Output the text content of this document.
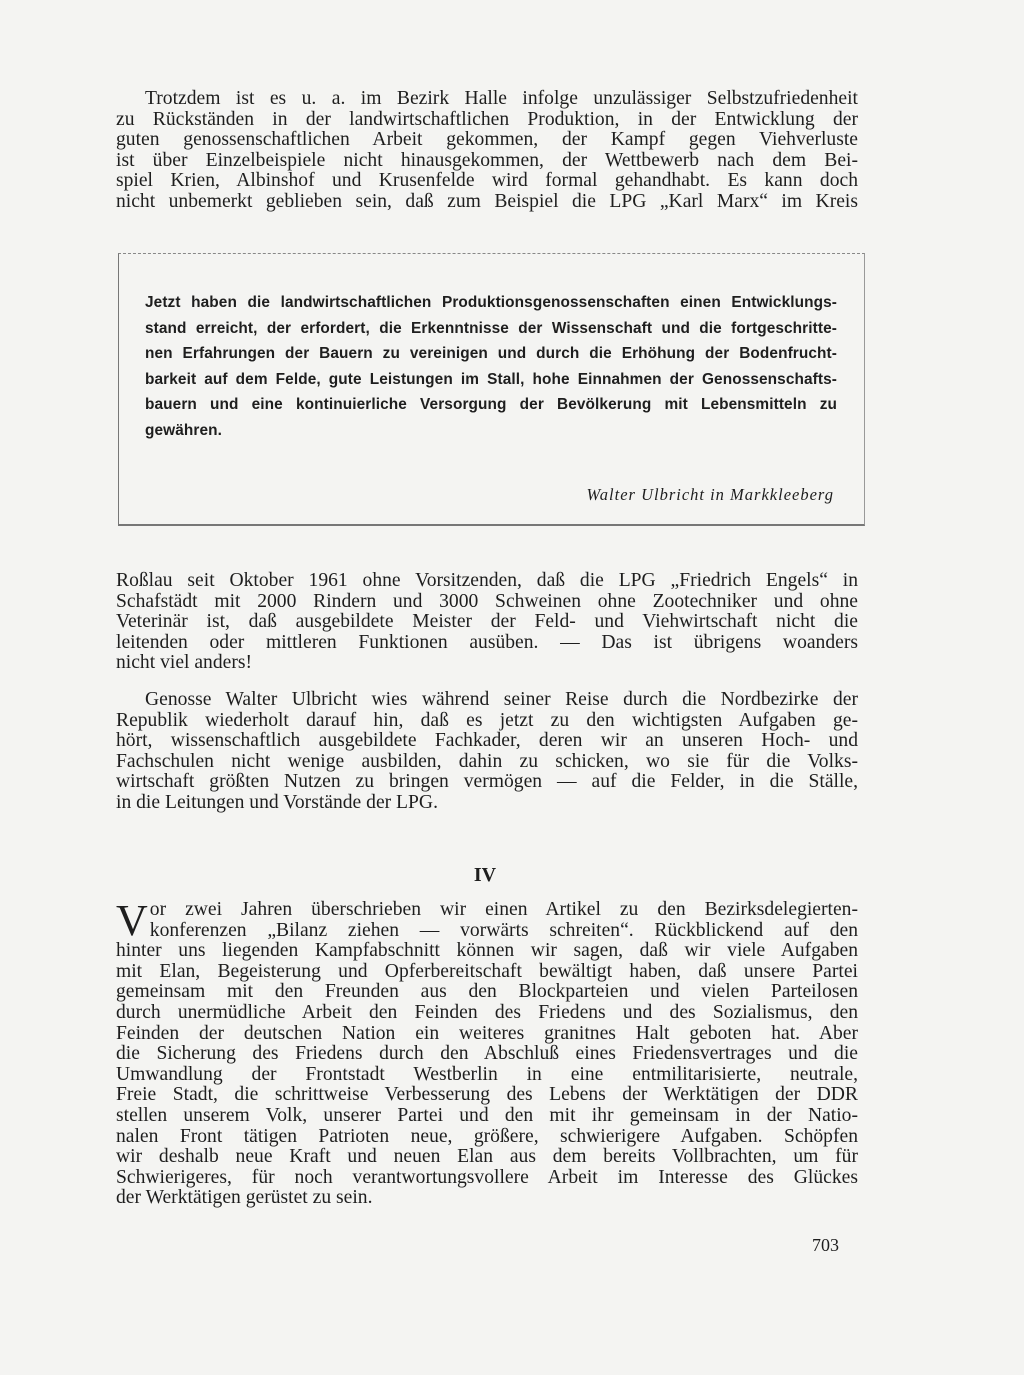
Trotzdem ist es u. a. im Bezirk Halle infolge unzulässiger Selbstzufriedenheit
zu Rückständen in der landwirtschaftlichen Produktion, in der Entwicklung der
guten genossenschaftlichen Arbeit gekommen, der Kampf gegen Viehverluste
ist über Einzelbeispiele nicht hinausgekommen, der Wettbewerb nach dem Bei-
spiel Krien, Albinshof und Krusenfelde wird formal gehandhabt. Es kann doch
nicht unbemerkt geblieben sein, daß zum Beispiel die LPG „Karl Marx“ im Kreis
Jetzt haben die landwirtschaftlichen Produktionsgenossenschaften einen Entwicklungs-
stand erreicht, der erfordert, die Erkenntnisse der Wissenschaft und die fortgeschritte-
nen Erfahrungen der Bauern zu vereinigen und durch die Erhöhung der Bodenfrucht-
barkeit auf dem Felde, gute Leistungen im Stall, hohe Einnahmen der Genossenschafts-
bauern und eine kontinuierliche Versorgung der Bevölkerung mit Lebensmitteln zu
gewähren.
Walter Ulbricht in Markkleeberg
Roßlau seit Oktober 1961 ohne Vorsitzenden, daß die LPG „Friedrich Engels“ in
Schafstädt mit 2000 Rindern und 3000 Schweinen ohne Zootechniker und ohne
Veterinär ist, daß ausgebildete Meister der Feld- und Viehwirtschaft nicht die
leitenden oder mittleren Funktionen ausüben. — Das ist übrigens woanders
nicht viel anders!
Genosse Walter Ulbricht wies während seiner Reise durch die Nordbezirke der
Republik wiederholt darauf hin, daß es jetzt zu den wichtigsten Aufgaben ge-
hört, wissenschaftlich ausgebildete Fachkader, deren wir an unseren Hoch- und
Fachschulen nicht wenige ausbilden, dahin zu schicken, wo sie für die Volks-
wirtschaft größten Nutzen zu bringen vermögen — auf die Felder, in die Ställe,
in die Leitungen und Vorstände der LPG.
IV
V or zwei Jahren überschrieben wir einen Artikel zu den Bezirksdelegierten-
konferenzen „Bilanz ziehen — vorwärts schreiten“. Rückblickend auf den
hinter uns liegenden Kampfabschnitt können wir sagen, daß wir viele Aufgaben
mit Elan, Begeisterung und Opferbereitschaft bewältigt haben, daß unsere Partei
gemeinsam mit den Freunden aus den Blockparteien und vielen Parteilosen
durch unermüdliche Arbeit den Feinden des Friedens und des Sozialismus, den
Feinden der deutschen Nation ein weiteres granitnes Halt geboten hat. Aber
die Sicherung des Friedens durch den Abschluß eines Friedensvertrages und die
Umwandlung der Frontstadt Westberlin in eine entmilitarisierte, neutrale,
Freie Stadt, die schrittweise Verbesserung des Lebens der Werktätigen der DDR
stellen unserem Volk, unserer Partei und den mit ihr gemeinsam in der Natio-
nalen Front tätigen Patrioten neue, größere, schwierigere Aufgaben. Schöpfen
wir deshalb neue Kraft und neuen Elan aus dem bereits Vollbrachten, um für
Schwierigeres, für noch verantwortungsvollere Arbeit im Interesse des Glückes
der Werktätigen gerüstet zu sein.
703
